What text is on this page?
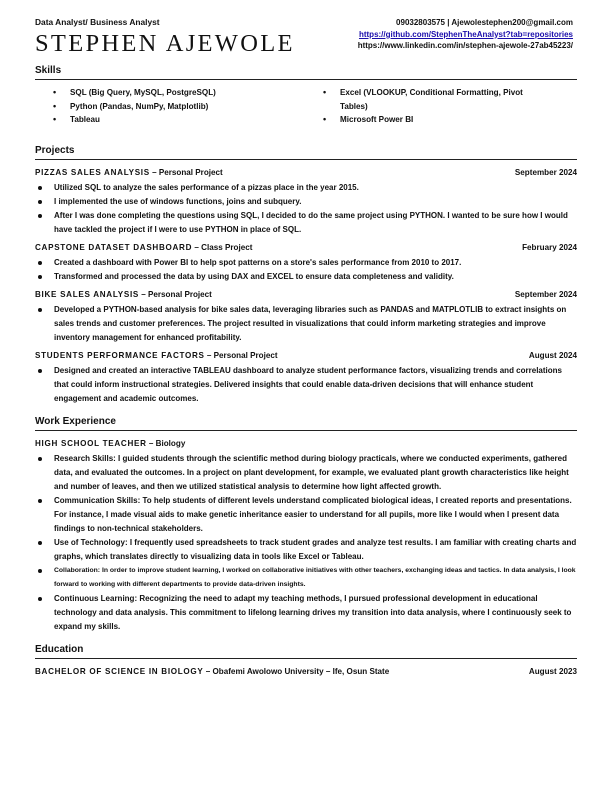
Data Analyst/ Business Analyst
STEPHEN AJEWOLE
09032803575 | Ajewolestephen200@gmail.com
https://github.com/StephenTheAnalyst?tab=repositories
https://www.linkedin.com/in/stephen-ajewole-27ab45223/
Skills
• SQL (Big Query, MySQL, PostgreSQL)
• Python (Pandas, NumPy, Matplotlib)
• Tableau
• Excel (VLOOKUP, Conditional Formatting, Pivot Tables)
• Microsoft Power BI
Projects
PIZZAS SALES ANALYSIS – Personal Project	September 2024
Utilized SQL to analyze the sales performance of a pizzas place in the year 2015.
I implemented the use of windows functions, joins and subquery.
After I was done completing the questions using SQL, I decided to do the same project using PYTHON. I wanted to be sure how I would have tackled the project if I were to use PYTHON in place of SQL.
CAPSTONE DATASET DASHBOARD – Class Project	February 2024
Created a dashboard with Power BI to help spot patterns on a store's sales performance from 2010 to 2017.
Transformed and processed the data by using DAX and EXCEL to ensure data completeness and validity.
BIKE SALES ANALYSIS – Personal Project	September 2024
Developed a PYTHON-based analysis for bike sales data, leveraging libraries such as PANDAS and MATPLOTLIB to extract insights on sales trends and customer preferences. The project resulted in visualizations that could inform marketing strategies and improve inventory management for enhanced profitability.
STUDENTS PERFORMANCE FACTORS – Personal Project	August 2024
Designed and created an interactive TABLEAU dashboard to analyze student performance factors, visualizing trends and correlations that could inform instructional strategies. Delivered insights that could enable data-driven decisions that will enhance student engagement and academic outcomes.
Work Experience
HIGH SCHOOL TEACHER – Biology
Research Skills: I guided students through the scientific method during biology practicals, where we conducted experiments, gathered data, and evaluated the outcomes. In a project on plant development, for example, we evaluated plant growth characteristics like height and number of leaves, and then we utilized statistical analysis to determine how light affected growth.
Communication Skills: To help students of different levels understand complicated biological ideas, I created reports and presentations. For instance, I made visual aids to make genetic inheritance easier to understand for all pupils, more like I would when I present data findings to non-technical stakeholders.
Use of Technology: I frequently used spreadsheets to track student grades and analyze test results. I am familiar with creating charts and graphs, which translates directly to visualizing data in tools like Excel or Tableau.
Collaboration: In order to improve student learning, I worked on collaborative initiatives with other teachers, exchanging ideas and tactics. In data analysis, I look forward to working with different departments to provide data-driven insights.
Continuous Learning: Recognizing the need to adapt my teaching methods, I pursued professional development in educational technology and data analysis. This commitment to lifelong learning drives my transition into data analysis, where I continuously seek to expand my skills.
Education
BACHELOR OF SCIENCE IN BIOLOGY – Obafemi Awolowo University – Ife, Osun State	August 2023
